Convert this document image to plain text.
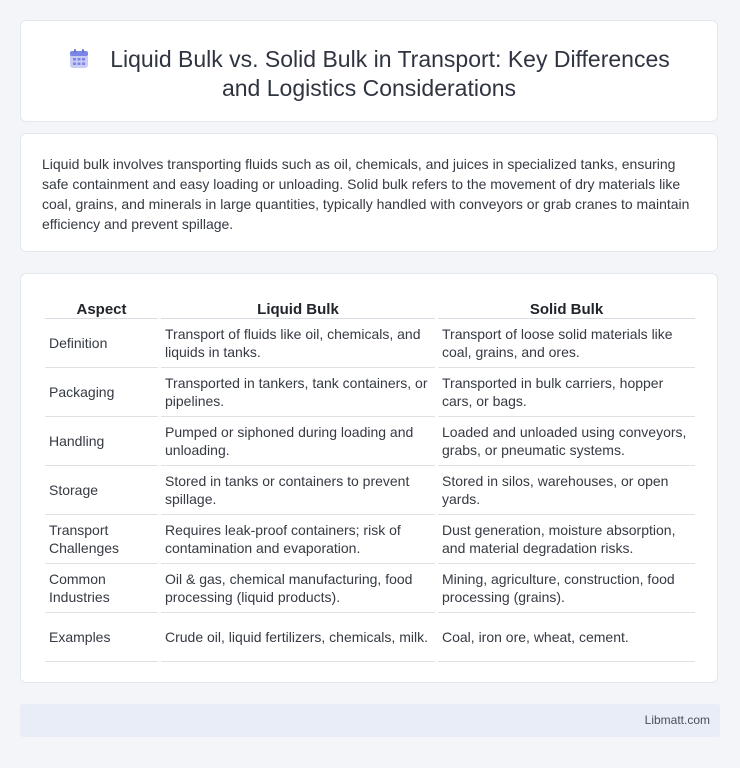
Liquid Bulk vs. Solid Bulk in Transport: Key Differences and Logistics Considerations

Liquid bulk involves transporting fluids such as oil, chemicals, and juices in specialized tanks, ensuring safe containment and easy loading or unloading. Solid bulk refers to the movement of dry materials like coal, grains, and minerals in large quantities, typically handled with conveyors or grab cranes to maintain efficiency and prevent spillage.

Aspect	Liquid Bulk	Solid Bulk
Definition	Transport of fluids like oil, chemicals, and liquids in tanks.	Transport of loose solid materials like coal, grains, and ores.
Packaging	Transported in tankers, tank containers, or pipelines.	Transported in bulk carriers, hopper cars, or bags.
Handling	Pumped or siphoned during loading and unloading.	Loaded and unloaded using conveyors, grabs, or pneumatic systems.
Storage	Stored in tanks or containers to prevent spillage.	Stored in silos, warehouses, or open yards.
Transport Challenges	Requires leak-proof containers; risk of contamination and evaporation.	Dust generation, moisture absorption, and material degradation risks.
Common Industries	Oil & gas, chemical manufacturing, food processing (liquid products).	Mining, agriculture, construction, food processing (grains).
Examples	Crude oil, liquid fertilizers, chemicals, milk.	Coal, iron ore, wheat, cement.
Libmatt.com
